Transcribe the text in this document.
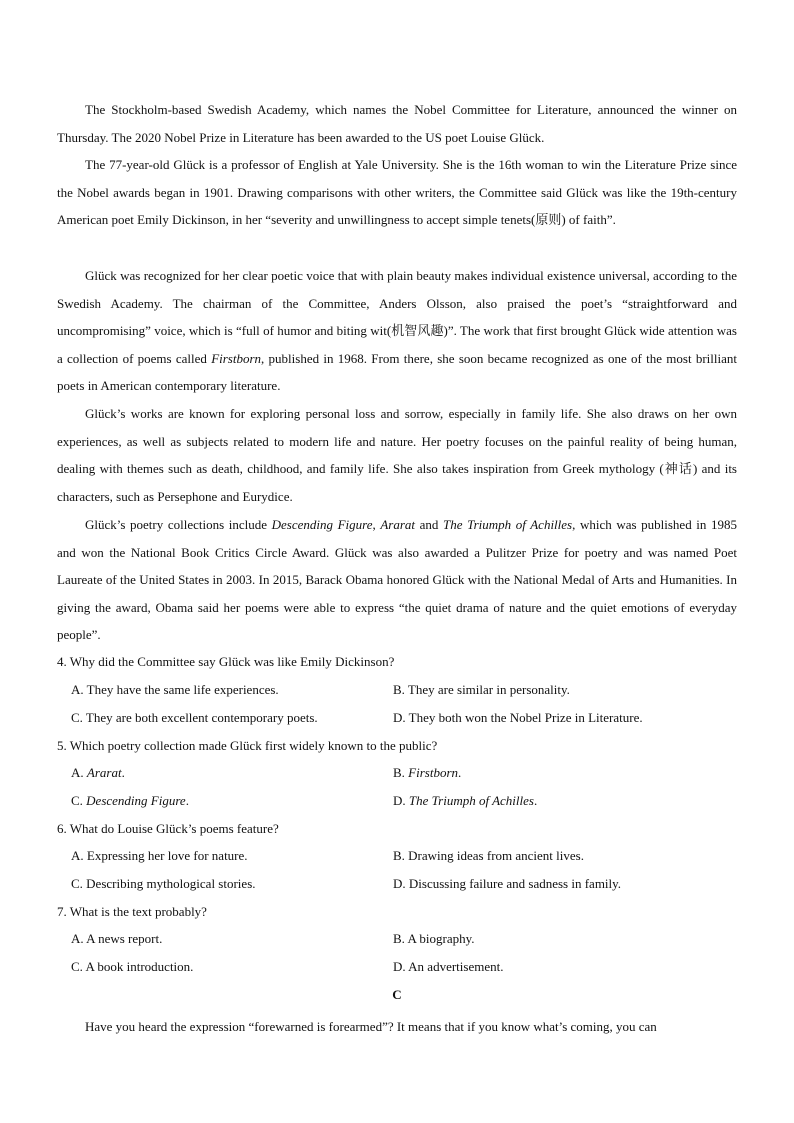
The Stockholm-based Swedish Academy, which names the Nobel Committee for Literature, announced the winner on Thursday. The 2020 Nobel Prize in Literature has been awarded to the US poet Louise Glück.

The 77-year-old Glück is a professor of English at Yale University. She is the 16th woman to win the Literature Prize since the Nobel awards began in 1901. Drawing comparisons with other writers, the Committee said Glück was like the 19th-century American poet Emily Dickinson, in her “severity and unwillingness to accept simple tenets(原则) of faith”.

Glück was recognized for her clear poetic voice that with plain beauty makes individual existence universal, according to the Swedish Academy. The chairman of the Committee, Anders Olsson, also praised the poet’s “straightforward and uncompromising” voice, which is “full of humor and biting wit(机智风趣)”. The work that first brought Glück wide attention was a collection of poems called Firstborn, published in 1968. From there, she soon became recognized as one of the most brilliant poets in American contemporary literature.

Glück’s works are known for exploring personal loss and sorrow, especially in family life. She also draws on her own experiences, as well as subjects related to modern life and nature. Her poetry focuses on the painful reality of being human, dealing with themes such as death, childhood, and family life. She also takes inspiration from Greek mythology (神话) and its characters, such as Persephone and Eurydice.

Glück’s poetry collections include Descending Figure, Ararat and The Triumph of Achilles, which was published in 1985 and won the National Book Critics Circle Award. Glück was also awarded a Pulitzer Prize for poetry and was named Poet Laureate of the United States in 2003. In 2015, Barack Obama honored Glück with the National Medal of Arts and Humanities. In giving the award, Obama said her poems were able to express “the quiet drama of nature and the quiet emotions of everyday people”.

4. Why did the Committee say Glück was like Emily Dickinson?

A. They have the same life experiences.	B. They are similar in personality.

C. They are both excellent contemporary poets.	D. They both won the Nobel Prize in Literature.

5. Which poetry collection made Glück first widely known to the public?

A. Ararat.	B. Firstborn.

C. Descending Figure.	D. The Triumph of Achilles.

6. What do Louise Glück’s poems feature?

A. Expressing her love for nature.	B. Drawing ideas from ancient lives.

C. Describing mythological stories.	D. Discussing failure and sadness in family.

7. What is the text probably?

A. A news report.	B. A biography.

C. A book introduction.	D. An advertisement.

C

Have you heard the expression “forewarned is forearmed”? It means that if you know what’s coming, you can
